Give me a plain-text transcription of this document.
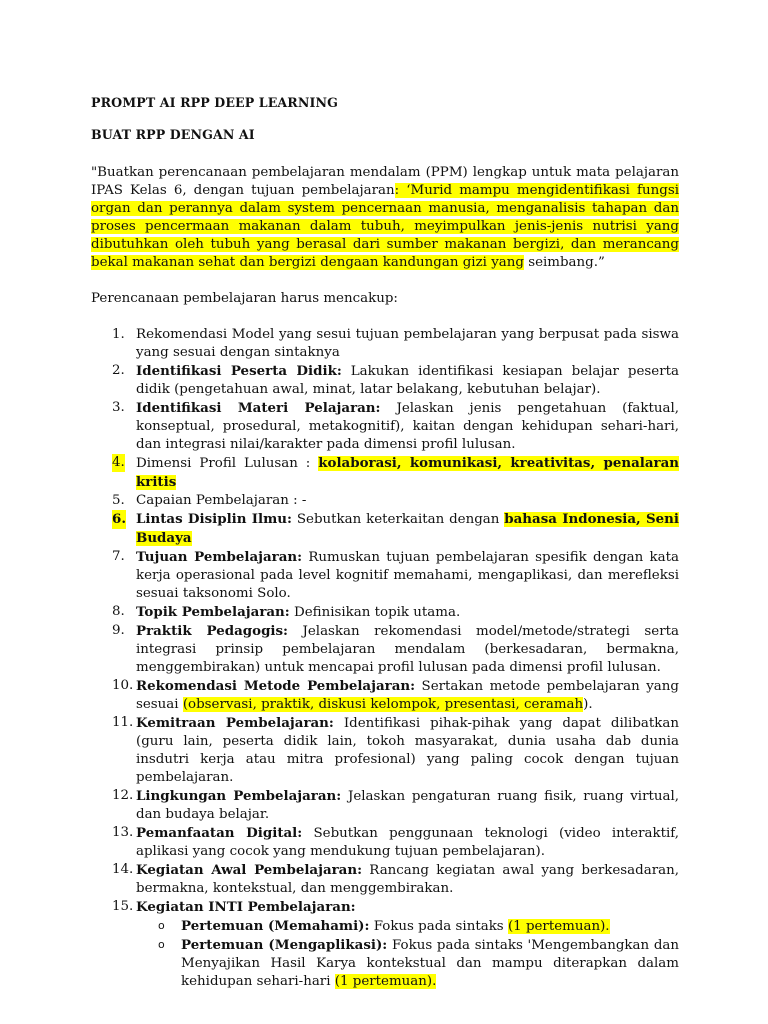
PROMPT AI RPP DEEP LEARNING

BUAT RPP DENGAN AI

"Buatkan perencanaan pembelajaran mendalam (PPM) lengkap untuk mata pelajaran IPAS Kelas 6, dengan tujuan pembelajaran: ‘Murid mampu mengidentifikasi fungsi organ dan perannya dalam system pencernaan manusia, menganalisis tahapan dan proses pencermaan makanan dalam tubuh, meyimpulkan jenis-jenis nutrisi yang dibutuhkan oleh tubuh yang berasal dari sumber makanan bergizi, dan merancang bekal makanan sehat dan bergizi dengaan kandungan gizi yang seimbang.”

Perencanaan pembelajaran harus mencakup:

1. Rekomendasi Model yang sesui tujuan pembelajaran yang berpusat pada siswa yang sesuai dengan sintaknya
2. Identifikasi Peserta Didik: Lakukan identifikasi kesiapan belajar peserta didik (pengetahuan awal, minat, latar belakang, kebutuhan belajar).
3. Identifikasi Materi Pelajaran: Jelaskan jenis pengetahuan (faktual, konseptual, prosedural, metakognitif), kaitan dengan kehidupan sehari-hari, dan integrasi nilai/karakter pada dimensi profil lulusan.
4. Dimensi Profil Lulusan : kolaborasi, komunikasi, kreativitas, penalaran kritis
5. Capaian Pembelajaran : -
6. Lintas Disiplin Ilmu: Sebutkan keterkaitan dengan bahasa Indonesia, Seni Budaya
7. Tujuan Pembelajaran: Rumuskan tujuan pembelajaran spesifik dengan kata kerja operasional pada level kognitif memahami, mengaplikasi, dan merefleksi sesuai taksonomi Solo.
8. Topik Pembelajaran: Definisikan topik utama.
9. Praktik Pedagogis: Jelaskan rekomendasi model/metode/strategi serta integrasi prinsip pembelajaran mendalam (berkesadaran, bermakna, menggembirakan) untuk mencapai profil lulusan pada dimensi profil lulusan.
10. Rekomendasi Metode Pembelajaran: Sertakan metode pembelajaran yang sesuai (observasi, praktik, diskusi kelompok, presentasi, ceramah).
11. Kemitraan Pembelajaran: Identifikasi pihak-pihak yang dapat dilibatkan (guru lain, peserta didik lain, tokoh masyarakat, dunia usaha dab dunia insdutri kerja atau mitra profesional) yang paling cocok dengan tujuan pembelajaran.
12. Lingkungan Pembelajaran: Jelaskan pengaturan ruang fisik, ruang virtual, dan budaya belajar.
13. Pemanfaatan Digital: Sebutkan penggunaan teknologi (video interaktif, aplikasi yang cocok yang mendukung tujuan pembelajaran).
14. Kegiatan Awal Pembelajaran: Rancang kegiatan awal yang berkesadaran, bermakna, kontekstual, dan menggembirakan.
15. Kegiatan INTI Pembelajaran:
o Pertemuan (Memahami): Fokus pada sintaks (1 pertemuan).
o Pertemuan (Mengaplikasi): Fokus pada sintaks 'Mengembangkan dan Menyajikan Hasil Karya kontekstual dan mampu diterapkan dalam kehidupan sehari-hari (1 pertemuan).
